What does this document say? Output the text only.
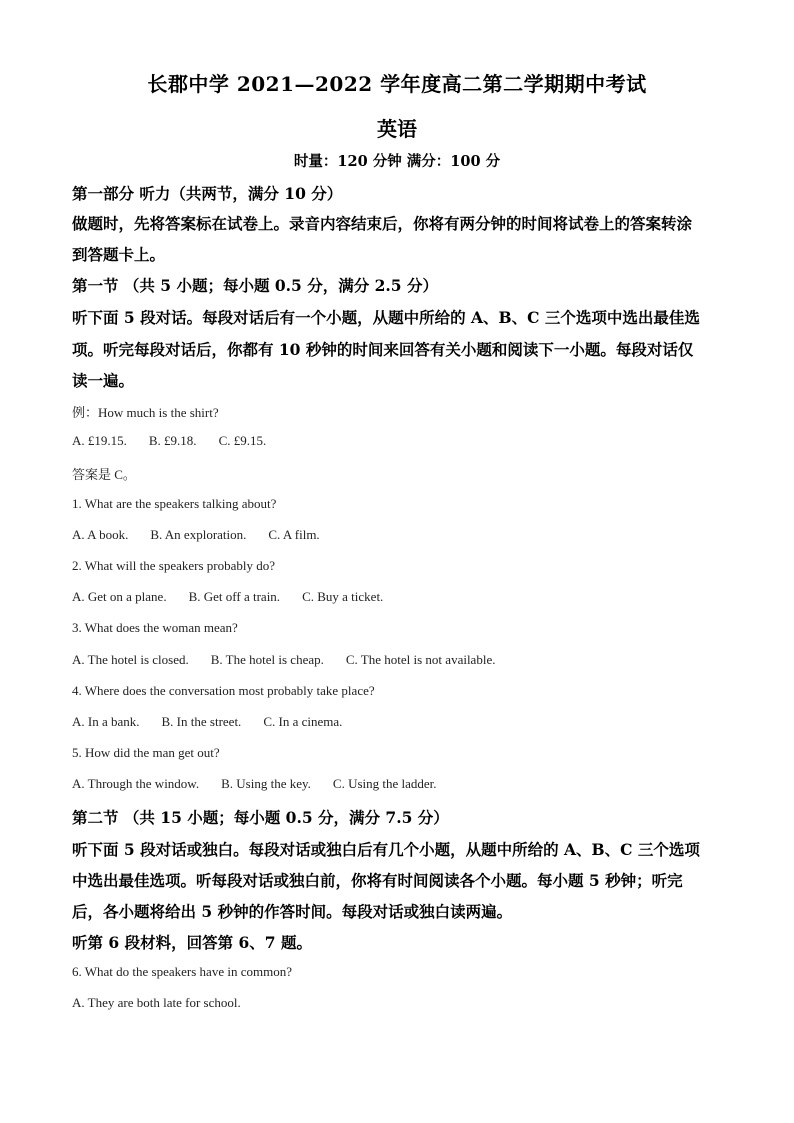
长郡中学 2021—2022 学年度高二第二学期期中考试
英语
时量：120 分钟 满分：100 分
第一部分 听力（共两节，满分 10 分）
做题时，先将答案标在试卷上。录音内容结束后，你将有两分钟的时间将试卷上的答案转涂
到答题卡上。
第一节 （共 5 小题；每小题 0.5 分，满分 2.5 分）
听下面 5 段对话。每段对话后有一个小题，从题中所给的 A、B、C 三个选项中选出最佳选
项。听完每段对话后，你都有 10 秒钟的时间来回答有关小题和阅读下一小题。每段对话仅
读一遍。
例：How much is the shirt?
A. £19.15. B. £9.18. C. £9.15.
答案是 C。
1. What are the speakers talking about?
A. A book. B. An exploration. C. A film.
2. What will the speakers probably do?
A. Get on a plane. B. Get off a train. C. Buy a ticket.
3. What does the woman mean?
A. The hotel is closed. B. The hotel is cheap. C. The hotel is not available.
4. Where does the conversation most probably take place?
A. In a bank. B. In the street. C. In a cinema.
5. How did the man get out?
A. Through the window. B. Using the key. C. Using the ladder.
第二节 （共 15 小题；每小题 0.5 分，满分 7.5 分）
听下面 5 段对话或独白。每段对话或独白后有几个小题，从题中所给的 A、B、C 三个选项
中选出最佳选项。听每段对话或独白前，你将有时间阅读各个小题。每小题 5 秒钟；听完
后，各小题将给出 5 秒钟的作答时间。每段对话或独白读两遍。
听第 6 段材料，回答第 6、7 题。
6. What do the speakers have in common?
A. They are both late for school.
